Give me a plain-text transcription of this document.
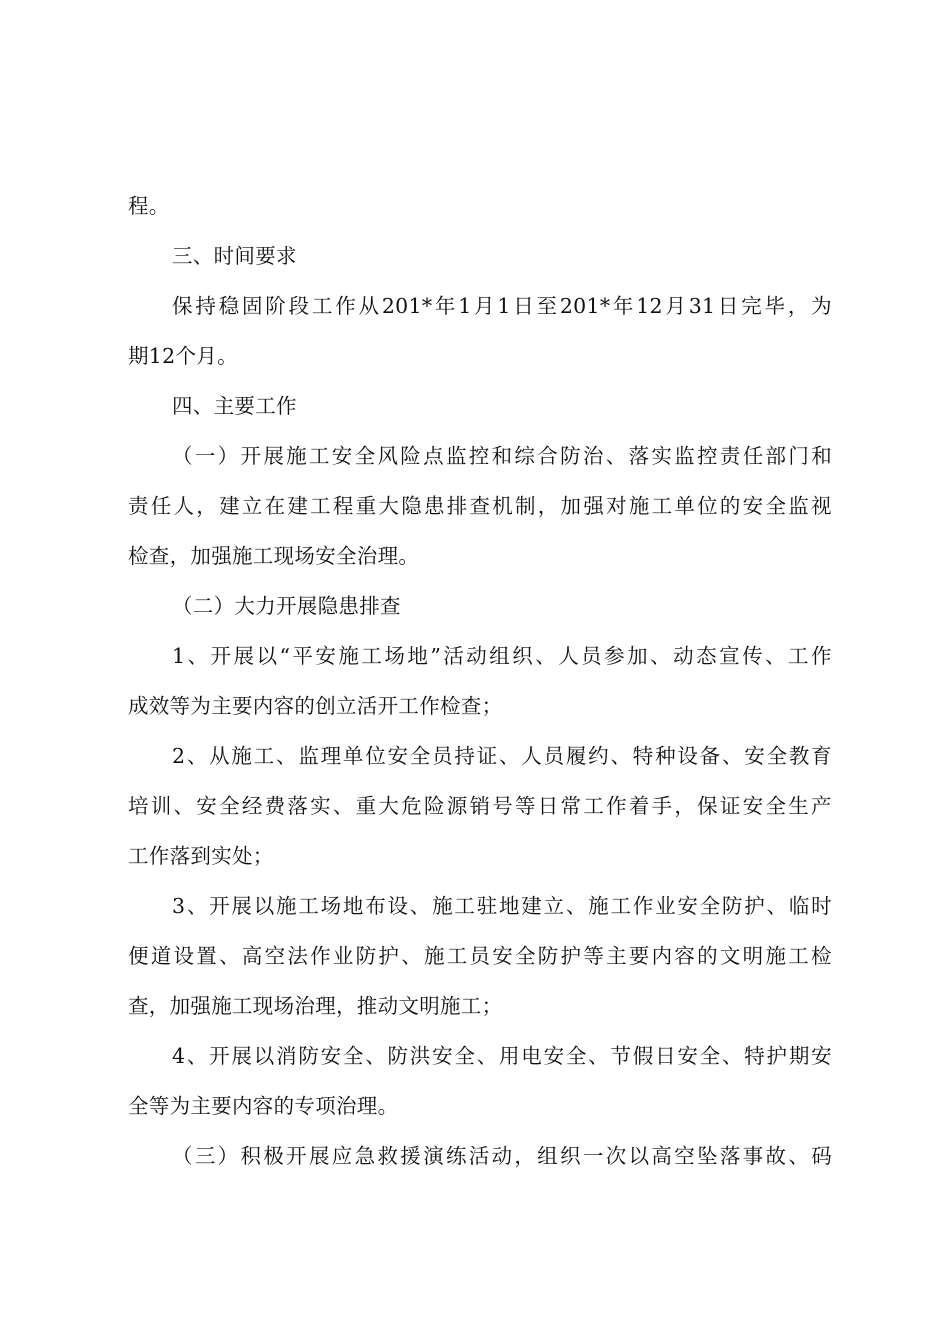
程。
三、时间要求
保 持 稳 固 阶 段 工 作 从 201* 年 1 月 1 日 至 201* 年 12 月 31 日 完 毕 ， 为
期12个月。
四、主要工作
（ 一 ） 开 展 施 工 安 全 风 险 点 监 控 和 综 合 防 治 、 落 实 监 控 责 任 部 门 和
责 任 人 ， 建 立 在 建 工 程 重 大 隐 患 排 查 机 制 ， 加 强 对 施 工 单 位 的 安 全 监 视
检查，加强施工现场安全治理。
（二）大力开展隐患排查
1 、 开 展 以 “ 平 安 施 工 场 地 ” 活 动 组 织 、 人 员 参 加 、 动 态 宣 传 、 工 作
成效等为主要内容的创立活开工作检查；
2 、 从 施 工 、 监 理 单 位 安 全 员 持 证 、 人 员 履 约 、 特 种 设 备 、 安 全 教 育
培 训 、 安 全 经 费 落 实 、 重 大 危 险 源 销 号 等 日 常 工 作 着 手 ， 保 证 安 全 生 产
工作落到实处；
3 、 开 展 以 施 工 场 地 布 设 、 施 工 驻 地 建 立 、 施 工 作 业 安 全 防 护 、 临 时
便 道 设 置 、 高 空 法 作 业 防 护 、 施 工 员 安 全 防 护 等 主 要 内 容 的 文 明 施 工 检
查，加强施工现场治理，推动文明施工；
4 、 开 展 以 消 防 安 全 、 防 洪 安 全 、 用 电 安 全 、 节 假 日 安 全 、 特 护 期 安
全等为主要内容的专项治理。
（ 三 ） 积 极 开 展 应 急 救 援 演 练 活 动 ， 组 织 一 次 以 高 空 坠 落 事 故 、 码
